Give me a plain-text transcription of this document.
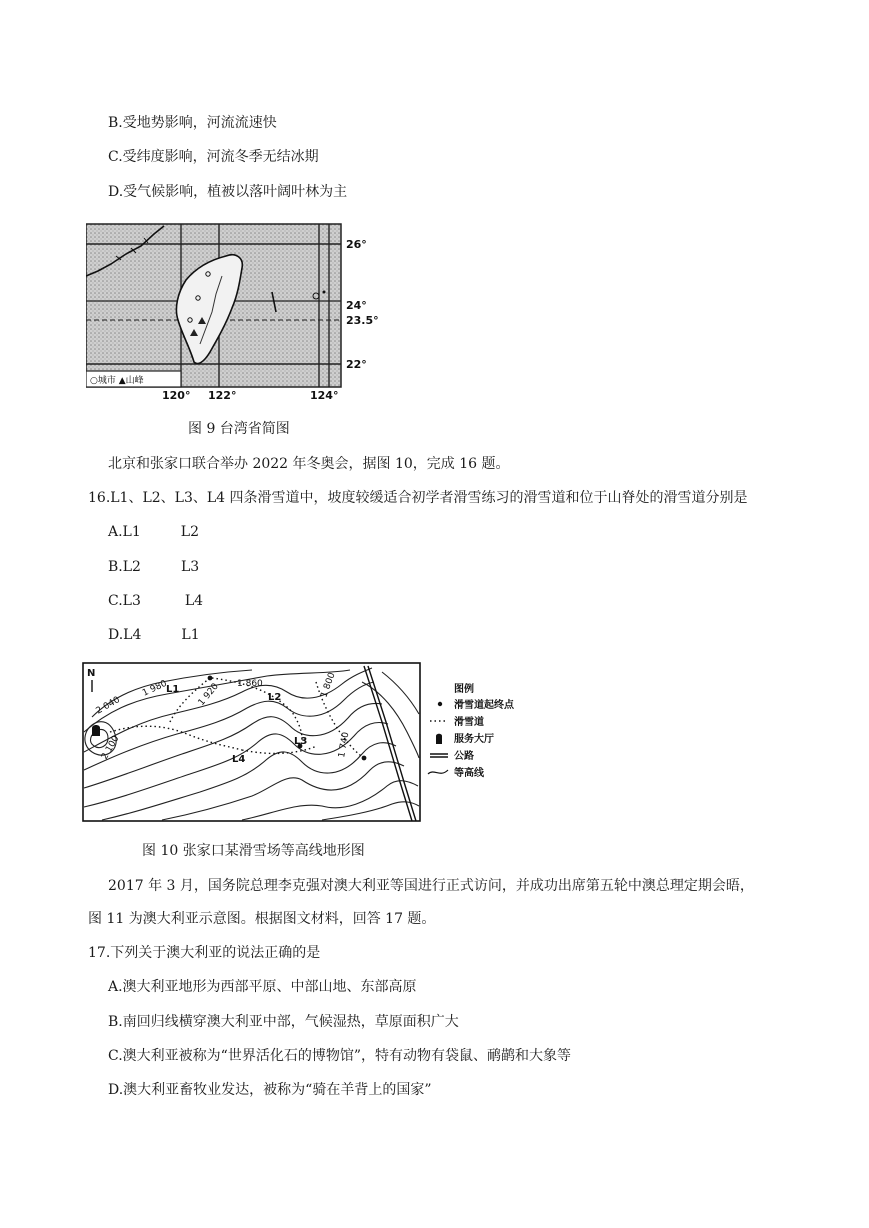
B.受地势影响，河流流速快
C.受纬度影响，河流冬季无结冰期
D.受气候影响，植被以落叶阔叶林为主
○城市 ▲山峰
26°
24°
23.5°
22°
120° 122°	124°
图 9 台湾省简图
北京和张家口联合举办 2022 年冬奥会，据图 10，完成 16 题。
16.L1、L2、L3、L4 四条滑雪道中，坡度较缓适合初学者滑雪练习的滑雪道和位于山脊处的滑雪道分别是
A.L1	L2
B.L2	L3
C.L3	L4
D.L4	L1
N
2 040
1 980	1 920 1 860	1 800
1 740
2 100
L1
L2
L3
L4
图例
滑雪道起终点
滑雪道
服务大厅
公路
等高线
图 10 张家口某滑雪场等高线地形图
2017 年 3 月，国务院总理李克强对澳大利亚等国进行正式访问，并成功出席第五轮中澳总理定期会晤，
图 11 为澳大利亚示意图。根据图文材料，回答 17 题。
17.下列关于澳大利亚的说法正确的是
A.澳大利亚地形为西部平原、中部山地、东部高原
B.南回归线横穿澳大利亚中部，气候湿热，草原面积广大
C.澳大利亚被称为“世界活化石的博物馆”，特有动物有袋鼠、鸸鹋和大象等
D.澳大利亚畜牧业发达，被称为“骑在羊背上的国家”
